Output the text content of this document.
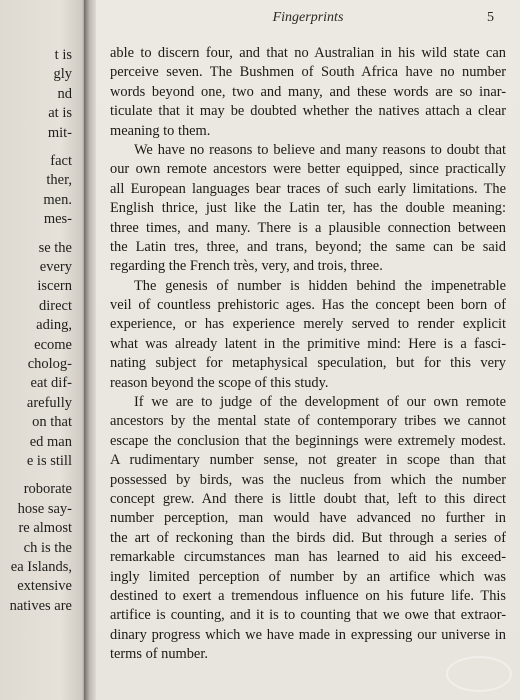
t is
gly
nd
at is
mit-
fact
ther,
men.
mes-
se the
every
iscern
direct
ading,
ecome
cholog-
eat dif-
arefully
on that
ed man
e is still
roborate
hose say-
re almost
ch is the
ea Islands,
extensive
natives are
Fingerprints	5
able to discern four, and that no Australian in his wild state can
perceive seven. The Bushmen of South Africa have no number
words beyond one, two and many, and these words are so inar-
ticulate that it may be doubted whether the natives attach a clear
meaning to them.
We have no reasons to believe and many reasons to doubt that
our own remote ancestors were better equipped, since practically
all European languages bear traces of such early limitations. The
English thrice, just like the Latin ter, has the double meaning:
three times, and many. There is a plausible connection between
the Latin tres, three, and trans, beyond; the same can be said
regarding the French très, very, and trois, three.
The genesis of number is hidden behind the impenetrable
veil of countless prehistoric ages. Has the concept been born of
experience, or has experience merely served to render explicit
what was already latent in the primitive mind: Here is a fasci-
nating subject for metaphysical speculation, but for this very
reason beyond the scope of this study.
If we are to judge of the development of our own remote
ancestors by the mental state of contemporary tribes we cannot
escape the conclusion that the beginnings were extremely modest.
A rudimentary number sense, not greater in scope than that
possessed by birds, was the nucleus from which the number
concept grew. And there is little doubt that, left to this direct
number perception, man would have advanced no further in
the art of reckoning than the birds did. But through a series of
remarkable circumstances man has learned to aid his exceed-
ingly limited perception of number by an artifice which was
destined to exert a tremendous influence on his future life. This
artifice is counting, and it is to counting that we owe that extraor-
dinary progress which we have made in expressing our universe in
terms of number.
